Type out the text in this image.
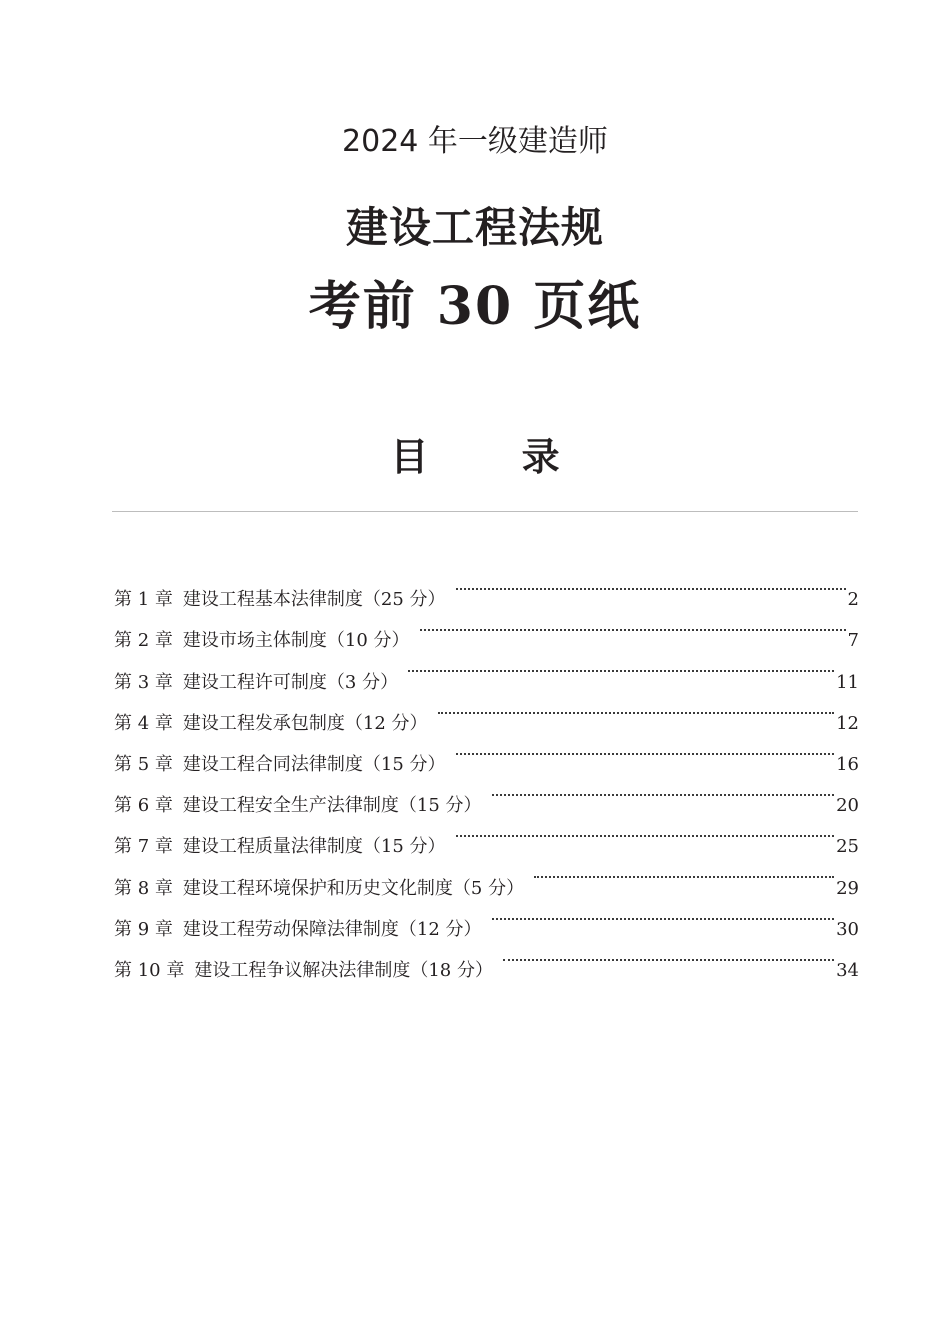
2024 年一级建造师
建设工程法规
考前 30 页纸
目 录
第 1 章 建设工程基本法律制度 （25 分）	2
第 2 章 建设市场主体制度 （10 分）	7
第 3 章 建设工程许可制度 （3 分）	11
第 4 章 建设工程发承包制度 （12 分）	12
第 5 章 建设工程合同法律制度 （15 分）	16
第 6 章 建设工程安全生产法律制度 （15 分）	20
第 7 章 建设工程质量法律制度 （15 分）	25
第 8 章 建设工程环境保护和历史文化制度 （5 分）	29
第 9 章 建设工程劳动保障法律制度 （12 分）	30
第 10 章 建设工程争议解决法律制度 （18 分）	34
